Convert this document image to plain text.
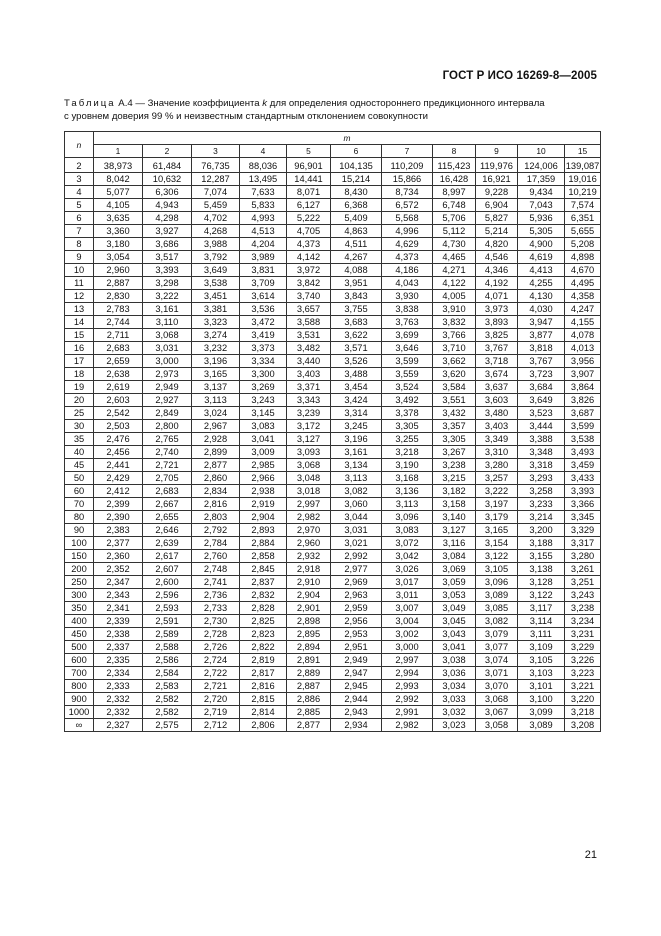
ГОСТ Р ИСО 16269-8—2005
Таблица А.4 — Значение коэффициента k для определения одностороннего предикционного интервала
с уровнем доверия 99 % и неизвестным стандартным отклонением совокупности
n	m										
	1	2	3	4	5	6	7	8	9	10	15
2	38,973	61,484	76,735	88,036	96,901	104,135	110,209	115,423	119,976	124,006	139,087
3	8,042	10,632	12,287	13,495	14,441	15,214	15,866	16,428	16,921	17,359	19,016
4	5,077	6,306	7,074	7,633	8,071	8,430	8,734	8,997	9,228	9,434	10,219
5	4,105	4,943	5,459	5,833	6,127	6,368	6,572	6,748	6,904	7,043	7,574
6	3,635	4,298	4,702	4,993	5,222	5,409	5,568	5,706	5,827	5,936	6,351
7	3,360	3,927	4,268	4,513	4,705	4,863	4,996	5,112	5,214	5,305	5,655
8	3,180	3,686	3,988	4,204	4,373	4,511	4,629	4,730	4,820	4,900	5,208
9	3,054	3,517	3,792	3,989	4,142	4,267	4,373	4,465	4,546	4,619	4,898
10	2,960	3,393	3,649	3,831	3,972	4,088	4,186	4,271	4,346	4,413	4,670
11	2,887	3,298	3,538	3,709	3,842	3,951	4,043	4,122	4,192	4,255	4,495
12	2,830	3,222	3,451	3,614	3,740	3,843	3,930	4,005	4,071	4,130	4,358
13	2,783	3,161	3,381	3,536	3,657	3,755	3,838	3,910	3,973	4,030	4,247
14	2,744	3,110	3,323	3,472	3,588	3,683	3,763	3,832	3,893	3,947	4,155
15	2,711	3,068	3,274	3,419	3,531	3,622	3,699	3,766	3,825	3,877	4,078
16	2,683	3,031	3,232	3,373	3,482	3,571	3,646	3,710	3,767	3,818	4,013
17	2,659	3,000	3,196	3,334	3,440	3,526	3,599	3,662	3,718	3,767	3,956
18	2,638	2,973	3,165	3,300	3,403	3,488	3,559	3,620	3,674	3,723	3,907
19	2,619	2,949	3,137	3,269	3,371	3,454	3,524	3,584	3,637	3,684	3,864
20	2,603	2,927	3,113	3,243	3,343	3,424	3,492	3,551	3,603	3,649	3,826
25	2,542	2,849	3,024	3,145	3,239	3,314	3,378	3,432	3,480	3,523	3,687
30	2,503	2,800	2,967	3,083	3,172	3,245	3,305	3,357	3,403	3,444	3,599
35	2,476	2,765	2,928	3,041	3,127	3,196	3,255	3,305	3,349	3,388	3,538
40	2,456	2,740	2,899	3,009	3,093	3,161	3,218	3,267	3,310	3,348	3,493
45	2,441	2,721	2,877	2,985	3,068	3,134	3,190	3,238	3,280	3,318	3,459
50	2,429	2,705	2,860	2,966	3,048	3,113	3,168	3,215	3,257	3,293	3,433
60	2,412	2,683	2,834	2,938	3,018	3,082	3,136	3,182	3,222	3,258	3,393
70	2,399	2,667	2,816	2,919	2,997	3,060	3,113	3,158	3,197	3,233	3,366
80	2,390	2,655	2,803	2,904	2,982	3,044	3,096	3,140	3,179	3,214	3,345
90	2,383	2,646	2,792	2,893	2,970	3,031	3,083	3,127	3,165	3,200	3,329
100	2,377	2,639	2,784	2,884	2,960	3,021	3,072	3,116	3,154	3,188	3,317
150	2,360	2,617	2,760	2,858	2,932	2,992	3,042	3,084	3,122	3,155	3,280
200	2,352	2,607	2,748	2,845	2,918	2,977	3,026	3,069	3,105	3,138	3,261
250	2,347	2,600	2,741	2,837	2,910	2,969	3,017	3,059	3,096	3,128	3,251
300	2,343	2,596	2,736	2,832	2,904	2,963	3,011	3,053	3,089	3,122	3,243
350	2,341	2,593	2,733	2,828	2,901	2,959	3,007	3,049	3,085	3,117	3,238
400	2,339	2,591	2,730	2,825	2,898	2,956	3,004	3,045	3,082	3,114	3,234
450	2,338	2,589	2,728	2,823	2,895	2,953	3,002	3,043	3,079	3,111	3,231
500	2,337	2,588	2,726	2,822	2,894	2,951	3,000	3,041	3,077	3,109	3,229
600	2,335	2,586	2,724	2,819	2,891	2,949	2,997	3,038	3,074	3,105	3,226
700	2,334	2,584	2,722	2,817	2,889	2,947	2,994	3,036	3,071	3,103	3,223
800	2,333	2,583	2,721	2,816	2,887	2,945	2,993	3,034	3,070	3,101	3,221
900	2,332	2,582	2,720	2,815	2,886	2,944	2,992	3,033	3,068	3,100	3,220
1000	2,332	2,582	2,719	2,814	2,885	2,943	2,991	3,032	3,067	3,099	3,218
∞	2,327	2,575	2,712	2,806	2,877	2,934	2,982	3,023	3,058	3,089	3,208
21
